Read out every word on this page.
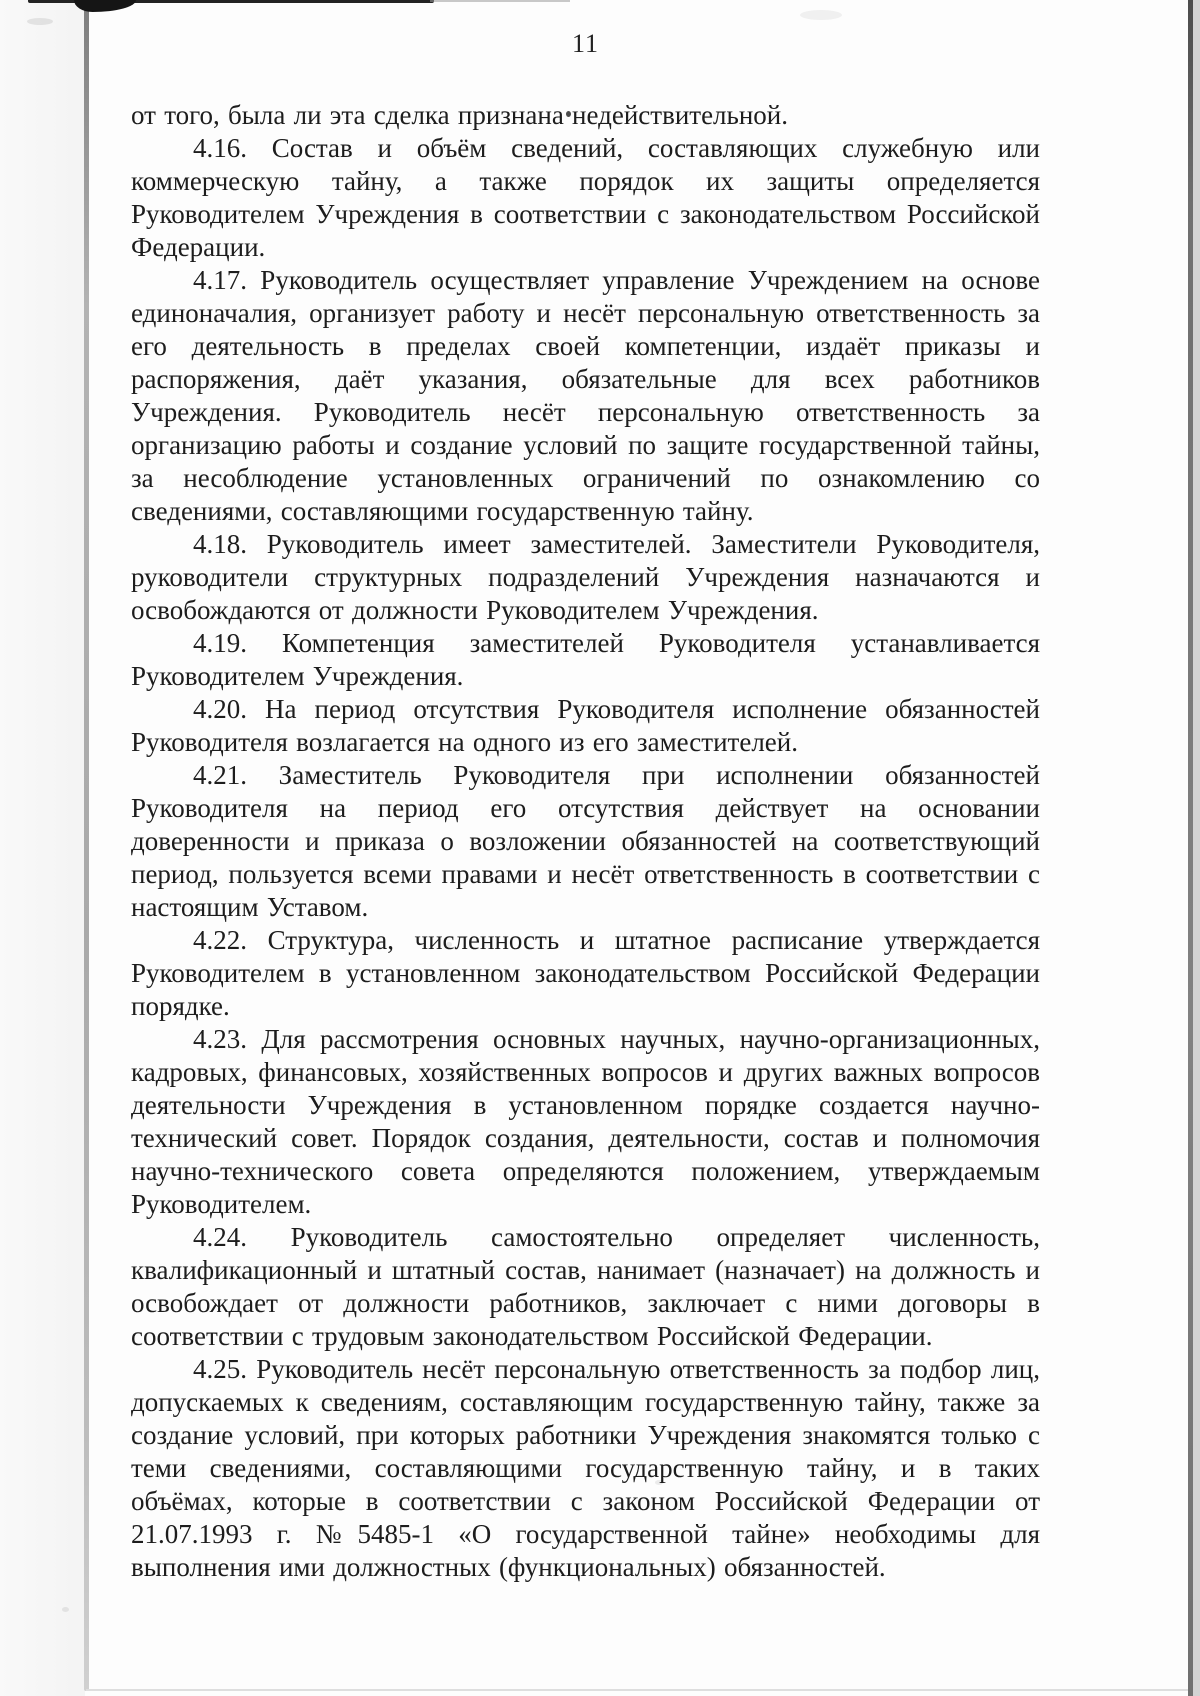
11

от того, была ли эта сделка признана недействительной.

4.16. Состав и объём сведений, составляющих служебную или коммерческую тайну, а также порядок их защиты определяется Руководителем Учреждения в соответствии с законодательством Российской Федерации.

4.17. Руководитель осуществляет управление Учреждением на основе единоначалия, организует работу и несёт персональную ответственность за его деятельность в пределах своей компетенции, издаёт приказы и распоряжения, даёт указания, обязательные для всех работников Учреждения. Руководитель несёт персональную ответственность за организацию работы и создание условий по защите государственной тайны, за несоблюдение установленных ограничений по ознакомлению со сведениями, составляющими государственную тайну.

4.18. Руководитель имеет заместителей. Заместители Руководителя, руководители структурных подразделений Учреждения назначаются и освобождаются от должности Руководителем Учреждения.

4.19. Компетенция заместителей Руководителя устанавливается Руководителем Учреждения.

4.20. На период отсутствия Руководителя исполнение обязанностей Руководителя возлагается на одного из его заместителей.

4.21. Заместитель Руководителя при исполнении обязанностей Руководителя на период его отсутствия действует на основании доверенности и приказа о возложении обязанностей на соответствующий период, пользуется всеми правами и несёт ответственность в соответствии с настоящим Уставом.

4.22. Структура, численность и штатное расписание утверждается Руководителем в установленном законодательством Российской Федерации порядке.

4.23. Для рассмотрения основных научных, научно-организационных, кадровых, финансовых, хозяйственных вопросов и других важных вопросов деятельности Учреждения в установленном порядке создается научно-технический совет. Порядок создания, деятельности, состав и полномочия научно-технического совета определяются положением, утверждаемым Руководителем.

4.24. Руководитель самостоятельно определяет численность, квалификационный и штатный состав, нанимает (назначает) на должность и освобождает от должности работников, заключает с ними договоры в соответствии с трудовым законодательством Российской Федерации.

4.25. Руководитель несёт персональную ответственность за подбор лиц, допускаемых к сведениям, составляющим государственную тайну, также за создание условий, при которых работники Учреждения знакомятся только с теми сведениями, составляющими государственную тайну, и в таких объёмах, которые в соответствии с законом Российской Федерации от 21.07.1993 г. №5485-1 «О государственной тайне» необходимы для выполнения ими должностных (функциональных) обязанностей.
